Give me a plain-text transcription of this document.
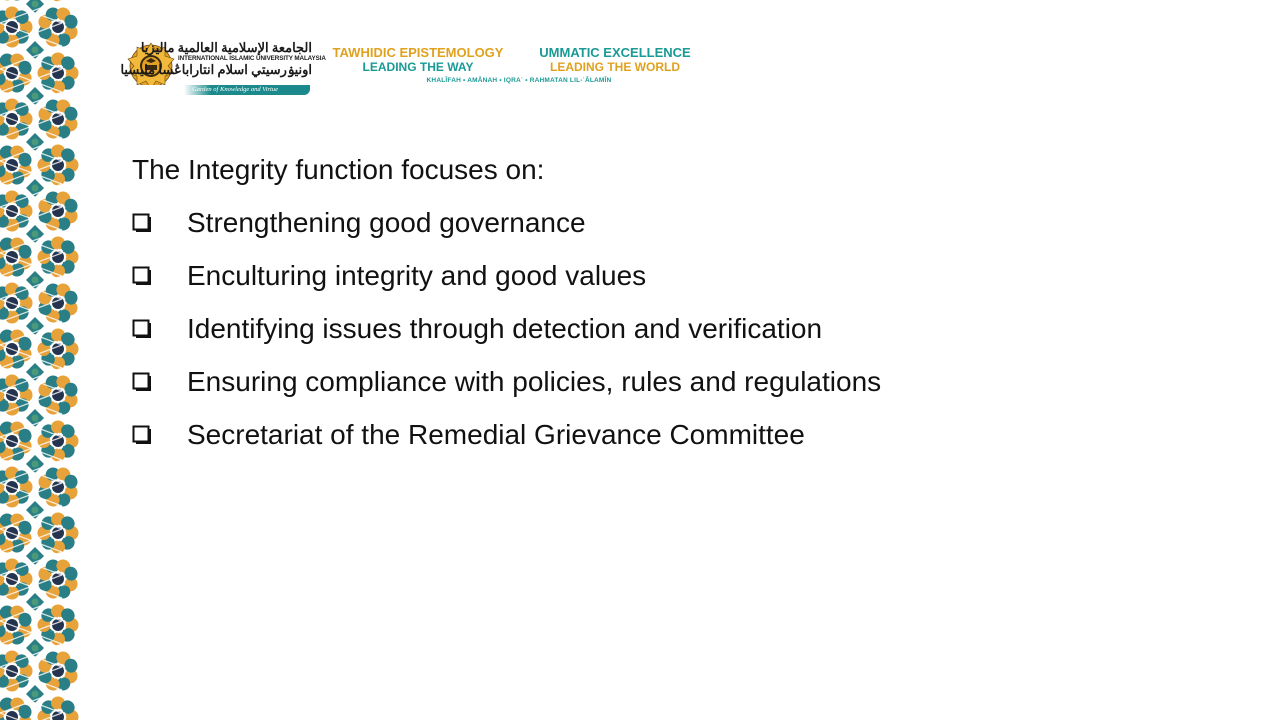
الجامعة الإسلامية العالمية ماليزيا
INTERNATIONAL ISLAMIC UNIVERSITY MALAYSIA
اونيۏرسيتي اسلام انتاراباڠسا مليسيا
Garden of Knowledge and Virtue
TAWHIDIC EPISTEMOLOGY
LEADING THE WAY
UMMATIC EXCELLENCE
LEADING THE WORLD
KHALĪFAH • AMĀNAH • IQRAʾ • RAHMATAN LIL-ʿĀLAMĪN

The Integrity function focuses on:

Strengthening good governance
Enculturing integrity and good values
Identifying issues through detection and verification
Ensuring compliance with policies, rules and regulations
Secretariat of the Remedial Grievance Committee
